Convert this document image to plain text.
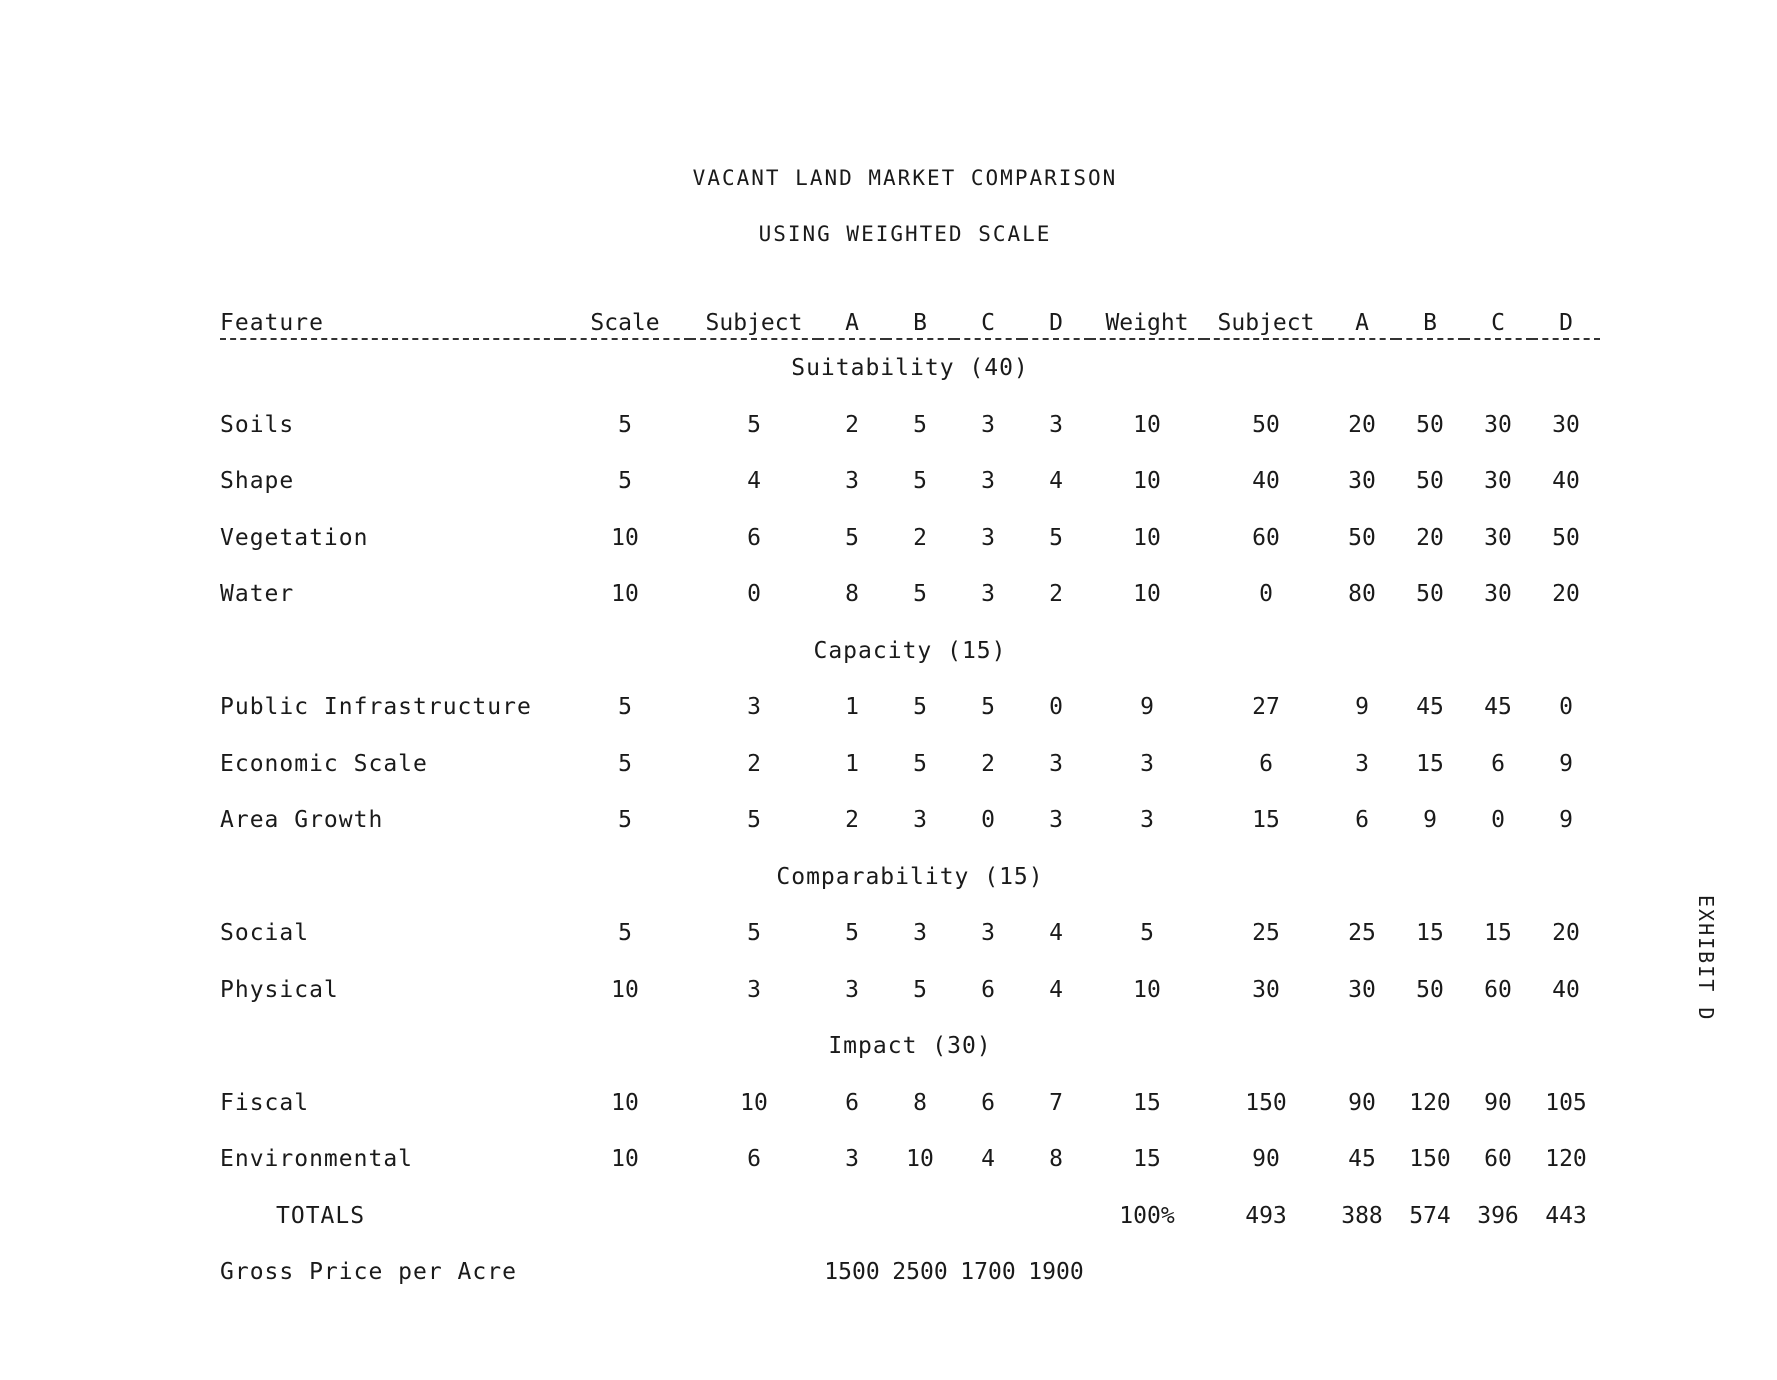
VACANT LAND MARKET COMPARISON
USING WEIGHTED SCALE
Feature	Scale	Subject	A	B	C	D	Weight	Subject	A	B	C	D
Suitability (40)												
Soils	5	5	2	5	3	3	10	50	20	50	30	30
Shape	5	4	3	5	3	4	10	40	30	50	30	40
Vegetation	10	6	5	2	3	5	10	60	50	20	30	50
Water	10	0	8	5	3	2	10	0	80	50	30	20
Capacity (15)												
Public Infrastructure	5	3	1	5	5	0	9	27	9	45	45	0
Economic Scale	5	2	1	5	2	3	3	6	3	15	6	9
Area Growth	5	5	2	3	0	3	3	15	6	9	0	9
Comparability (15)												
Social	5	5	5	3	3	4	5	25	25	15	15	20
Physical	10	3	3	5	6	4	10	30	30	50	60	40
Impact (30)												
Fiscal	10	10	6	8	6	7	15	150	90	120	90	105
Environmental	10	6	3	10	4	8	15	90	45	150	60	120
TOTALS							100%	493	388	574	396	443
Gross Price per Acre			1500	2500	1700	1900						
EXHIBIT D
